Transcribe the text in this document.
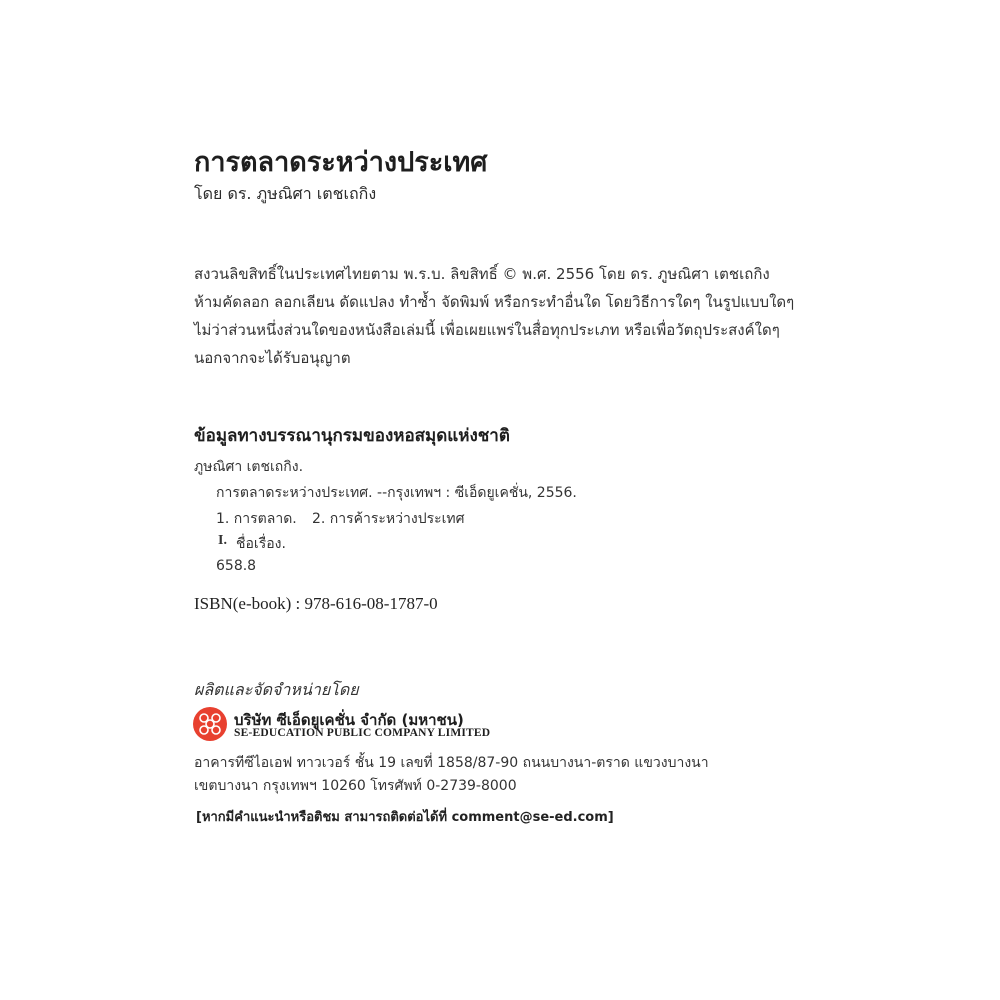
การตลาดระหว่างประเทศ
โดย ดร. ภูษณิศา เตชเถกิง
สงวนลิขสิทธิ์ในประเทศไทยตาม พ.ร.บ. ลิขสิทธิ์ © พ.ศ. 2556 โดย ดร. ภูษณิศา เตชเถกิง
ห้ามคัดลอก ลอกเลียน ดัดแปลง ทำซ้ำ จัดพิมพ์ หรือกระทำอื่นใด โดยวิธีการใดๆ ในรูปแบบใดๆ
ไม่ว่าส่วนหนึ่งส่วนใดของหนังสือเล่มนี้ เพื่อเผยแพร่ในสื่อทุกประเภท หรือเพื่อวัตถุประสงค์ใดๆ
นอกจากจะได้รับอนุญาต
ข้อมูลทางบรรณานุกรมของหอสมุดแห่งชาติ
ภูษณิศา เตชเถกิง.
การตลาดระหว่างประเทศ. --กรุงเทพฯ : ซีเอ็ดยูเคชั่น, 2556.
1. การตลาด. 2. การค้าระหว่างประเทศ
I. ชื่อเรื่อง.
658.8
ISBN(e-book) : 978-616-08-1787-0
ผลิตและจัดจำหน่ายโดย
บริษัท ซีเอ็ดยูเคชั่น จำกัด (มหาชน)
SE-EDUCATION PUBLIC COMPANY LIMITED
อาคารทีซีไอเอฟ ทาวเวอร์ ชั้น 19 เลขที่ 1858/87-90 ถนนบางนา-ตราด แขวงบางนา
เขตบางนา กรุงเทพฯ 10260 โทรศัพท์ 0-2739-8000
[หากมีคำแนะนำหรือติชม สามารถติดต่อได้ที่ comment@se-ed.com]
